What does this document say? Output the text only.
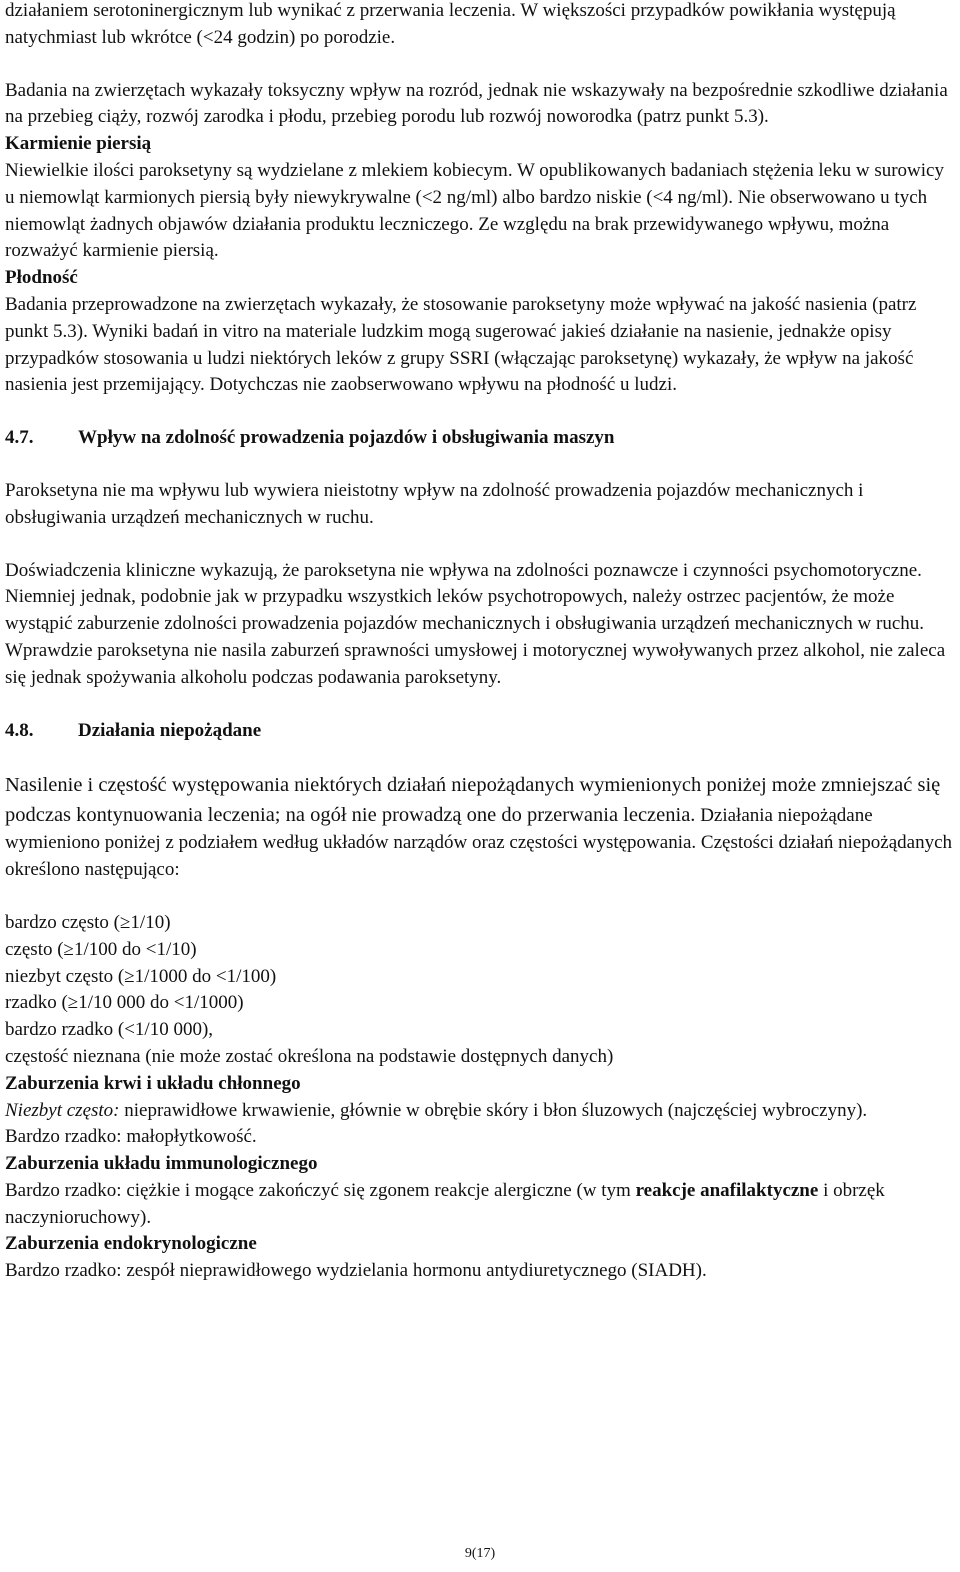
działaniem serotoninergicznym lub wynikać z przerwania leczenia. W większości przypadków powikłania występują natychmiast lub wkrótce (<24 godzin) po porodzie.

Badania na zwierzętach wykazały toksyczny wpływ na rozród, jednak nie wskazywały na bezpośrednie szkodliwe działania na przebieg ciąży, rozwój zarodka i płodu, przebieg porodu lub rozwój noworodka (patrz punkt 5.3).

Karmienie piersią

Niewielkie ilości paroksetyny są wydzielane z mlekiem kobiecym. W opublikowanych badaniach stężenia leku w surowicy u niemowląt karmionych piersią były niewykrywalne (<2 ng/ml) albo bardzo niskie (<4 ng/ml). Nie obserwowano u tych niemowląt żadnych objawów działania produktu leczniczego. Ze względu na brak przewidywanego wpływu, można rozważyć karmienie piersią.

Płodność

Badania przeprowadzone na zwierzętach wykazały, że stosowanie paroksetyny może wpływać na jakość nasienia (patrz punkt 5.3). Wyniki badań in vitro na materiale ludzkim mogą sugerować jakieś działanie na nasienie, jednakże opisy przypadków stosowania u ludzi niektórych leków z grupy SSRI (włączając paroksetynę) wykazały, że wpływ na jakość nasienia jest przemijający. Dotychczas nie zaobserwowano wpływu na płodność u ludzi.

4.7.	Wpływ na zdolność prowadzenia pojazdów i obsługiwania maszyn

Paroksetyna nie ma wpływu lub wywiera nieistotny wpływ na zdolność prowadzenia pojazdów mechanicznych i obsługiwania urządzeń mechanicznych w ruchu.

Doświadczenia kliniczne wykazują, że paroksetyna nie wpływa na zdolności poznawcze i czynności psychomotoryczne. Niemniej jednak, podobnie jak w przypadku wszystkich leków psychotropowych, należy ostrzec pacjentów, że może wystąpić zaburzenie zdolności prowadzenia pojazdów mechanicznych i obsługiwania urządzeń mechanicznych w ruchu.

Wprawdzie paroksetyna nie nasila zaburzeń sprawności umysłowej i motorycznej wywoływanych przez alkohol, nie zaleca się jednak spożywania alkoholu podczas podawania paroksetyny.

4.8.	Działania niepożądane

Nasilenie i częstość występowania niektórych działań niepożądanych wymienionych poniżej może zmniejszać się podczas kontynuowania leczenia; na ogół nie prowadzą one do przerwania leczenia. Działania niepożądane wymieniono poniżej z podziałem według układów narządów oraz częstości występowania. Częstości działań niepożądanych określono następująco:

bardzo często (≥1/10)
często (≥1/100 do <1/10)
niezbyt często (≥1/1000 do <1/100)
rzadko (≥1/10 000 do <1/1000)
bardzo rzadko (<1/10 000),
częstość nieznana (nie może zostać określona na podstawie dostępnych danych)
Zaburzenia krwi i układu chłonnego

Niezbyt często: nieprawidłowe krwawienie, głównie w obrębie skóry i błon śluzowych (najczęściej wybroczyny).

Bardzo rzadko: małopłytkowość.

Zaburzenia układu immunologicznego

Bardzo rzadko: ciężkie i mogące zakończyć się zgonem reakcje alergiczne (w tym reakcje anafilaktyczne i obrzęk naczynioruchowy).

Zaburzenia endokrynologiczne

Bardzo rzadko: zespół nieprawidłowego wydzielania hormonu antydiuretycznego (SIADH).

9(17)
